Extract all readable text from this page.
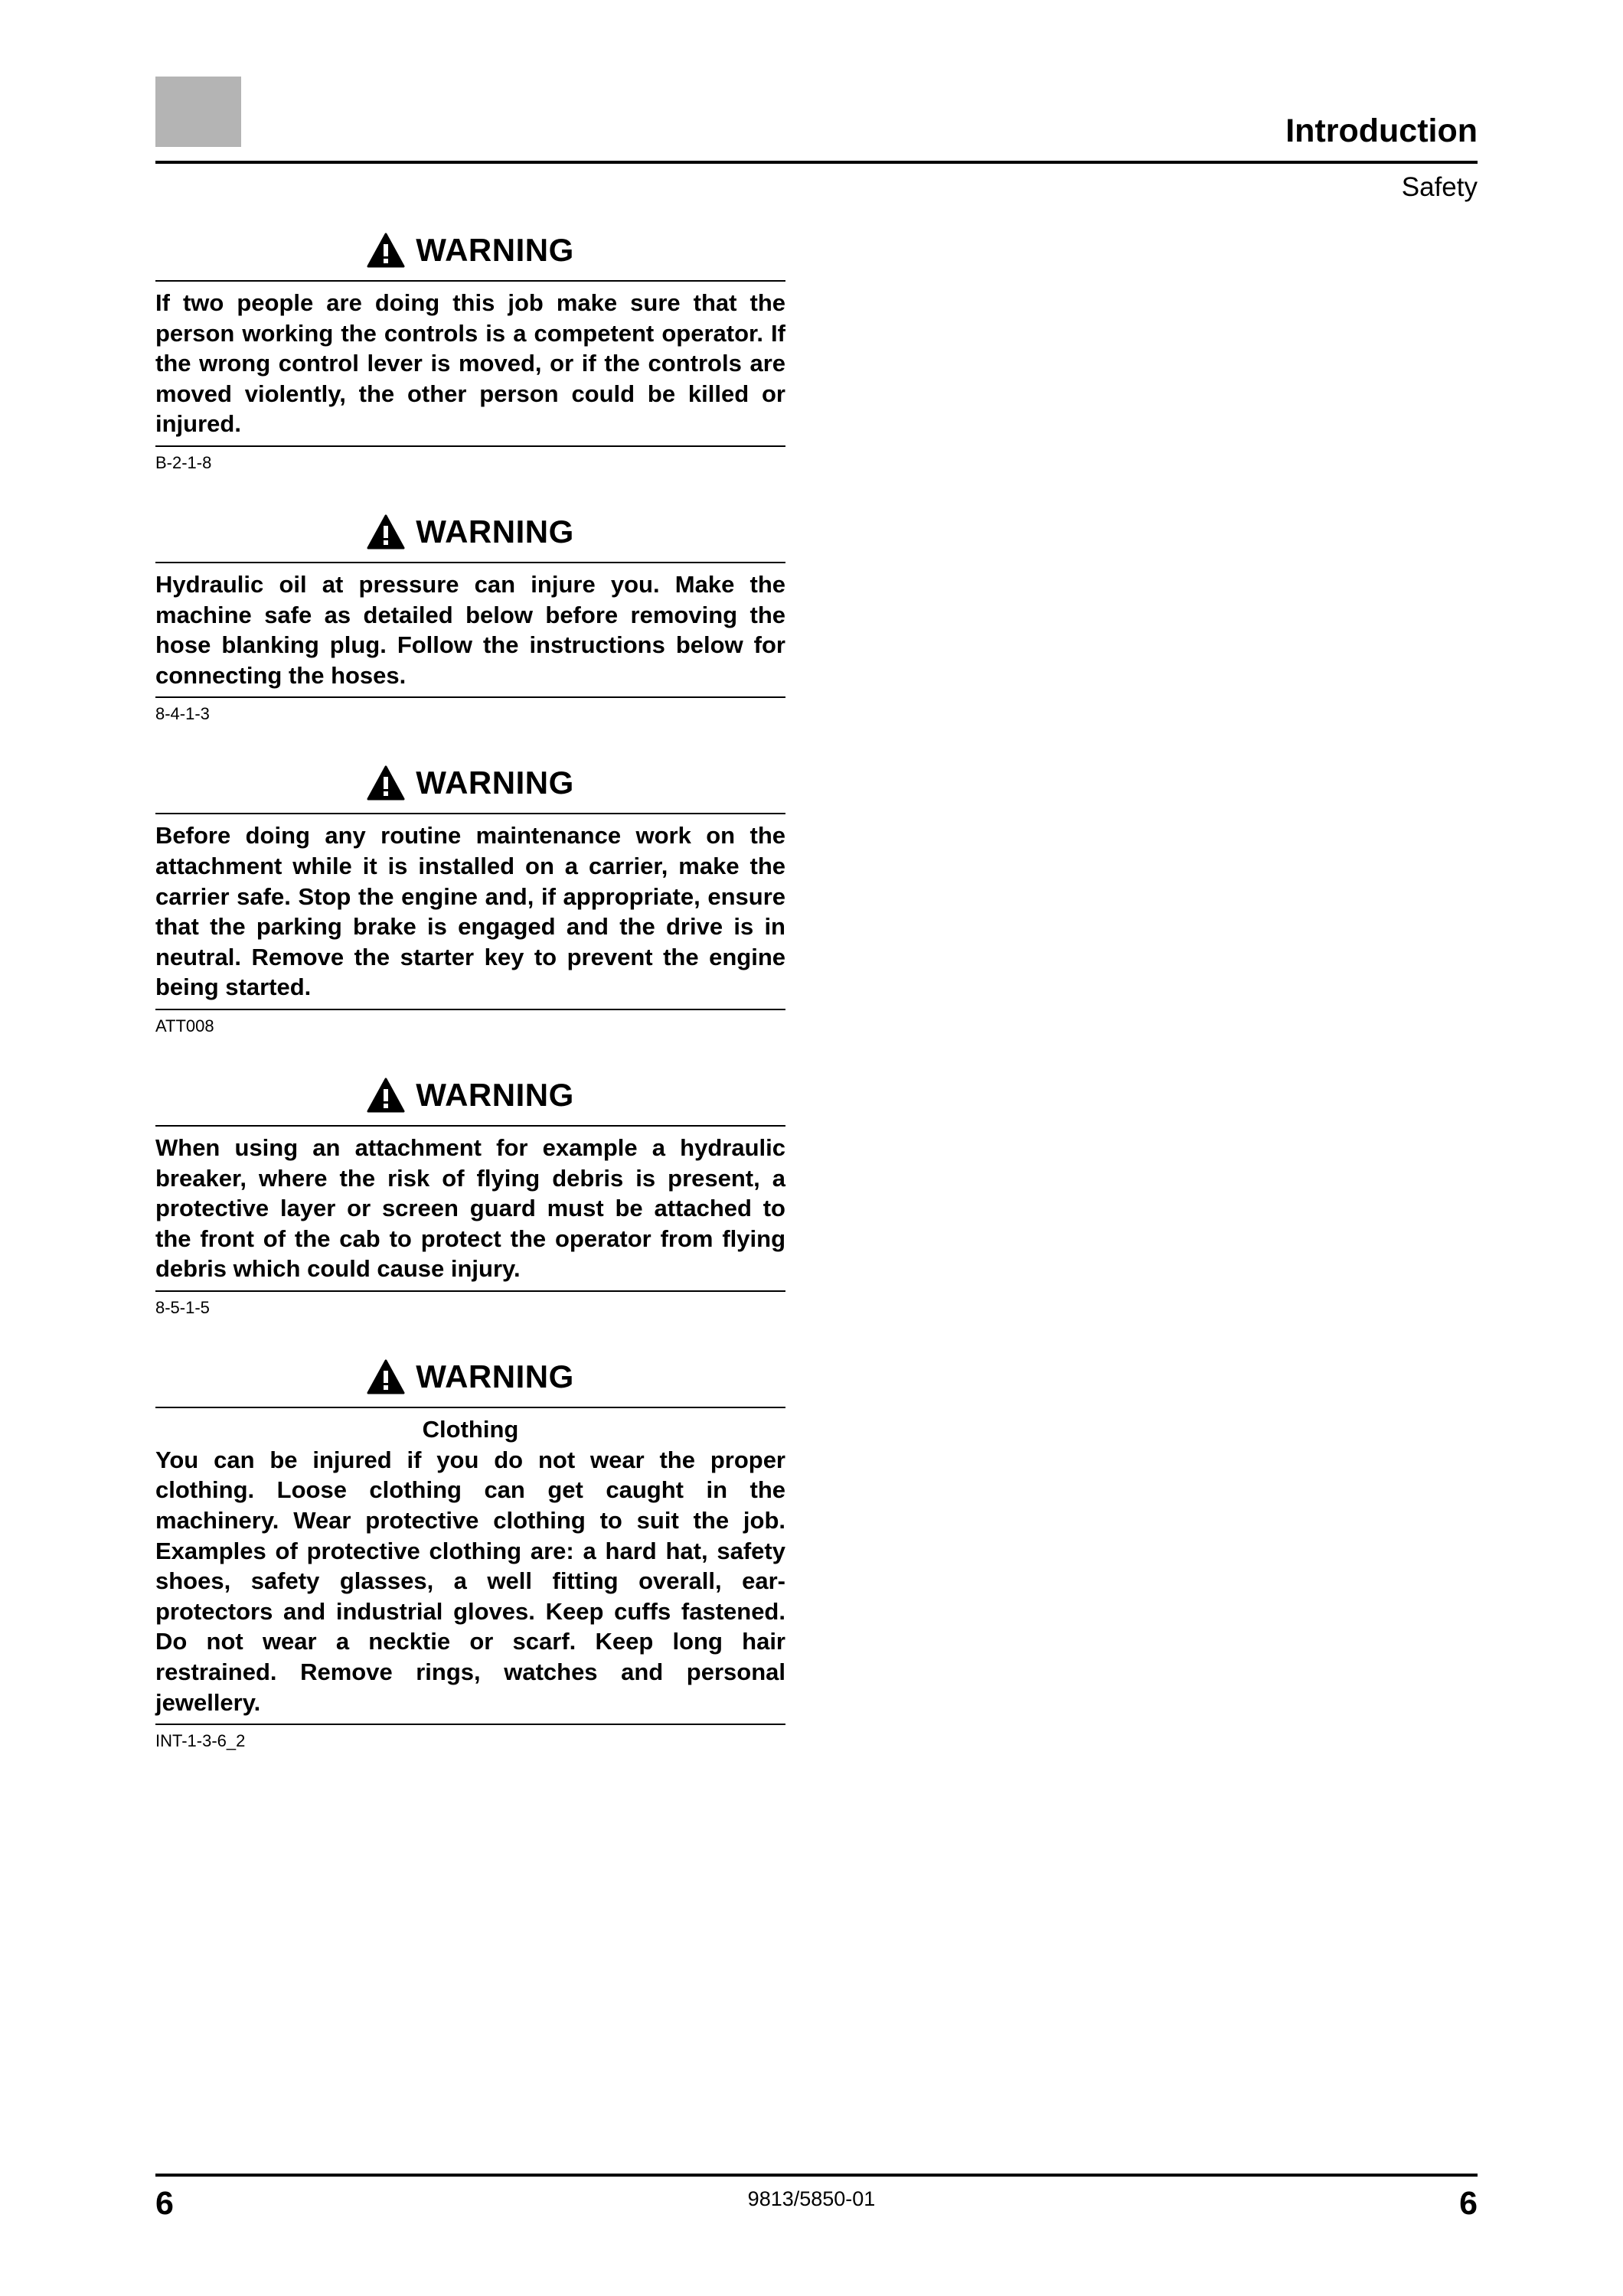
Introduction
Safety
WARNING

If two people are doing this job make sure that the person working the controls is a competent operator. If the wrong control lever is moved, or if the controls are moved violently, the other person could be killed or injured.

B-2-1-8
WARNING

Hydraulic oil at pressure can injure you. Make the machine safe as detailed below before removing the hose blanking plug. Follow the instructions below for connecting the hoses.

8-4-1-3
WARNING

Before doing any routine maintenance work on the attachment while it is installed on a carrier, make the carrier safe. Stop the engine and, if appropriate, ensure that the parking brake is engaged and the drive is in neutral. Remove the starter key to prevent the engine being started.

ATT008
WARNING

When using an attachment for example a hydraulic breaker, where the risk of flying debris is present, a protective layer or screen guard must be attached to the front of the cab to protect the operator from flying debris which could cause injury.

8-5-1-5
WARNING
Clothing

You can be injured if you do not wear the proper clothing. Loose clothing can get caught in the machinery. Wear protective clothing to suit the job. Examples of protective clothing are: a hard hat, safety shoes, safety glasses, a well fitting overall, ear-protectors and industrial gloves. Keep cuffs fastened. Do not wear a necktie or scarf. Keep long hair restrained. Remove rings, watches and personal jewellery.

INT-1-3-6_2
6	9813/5850-01	6
